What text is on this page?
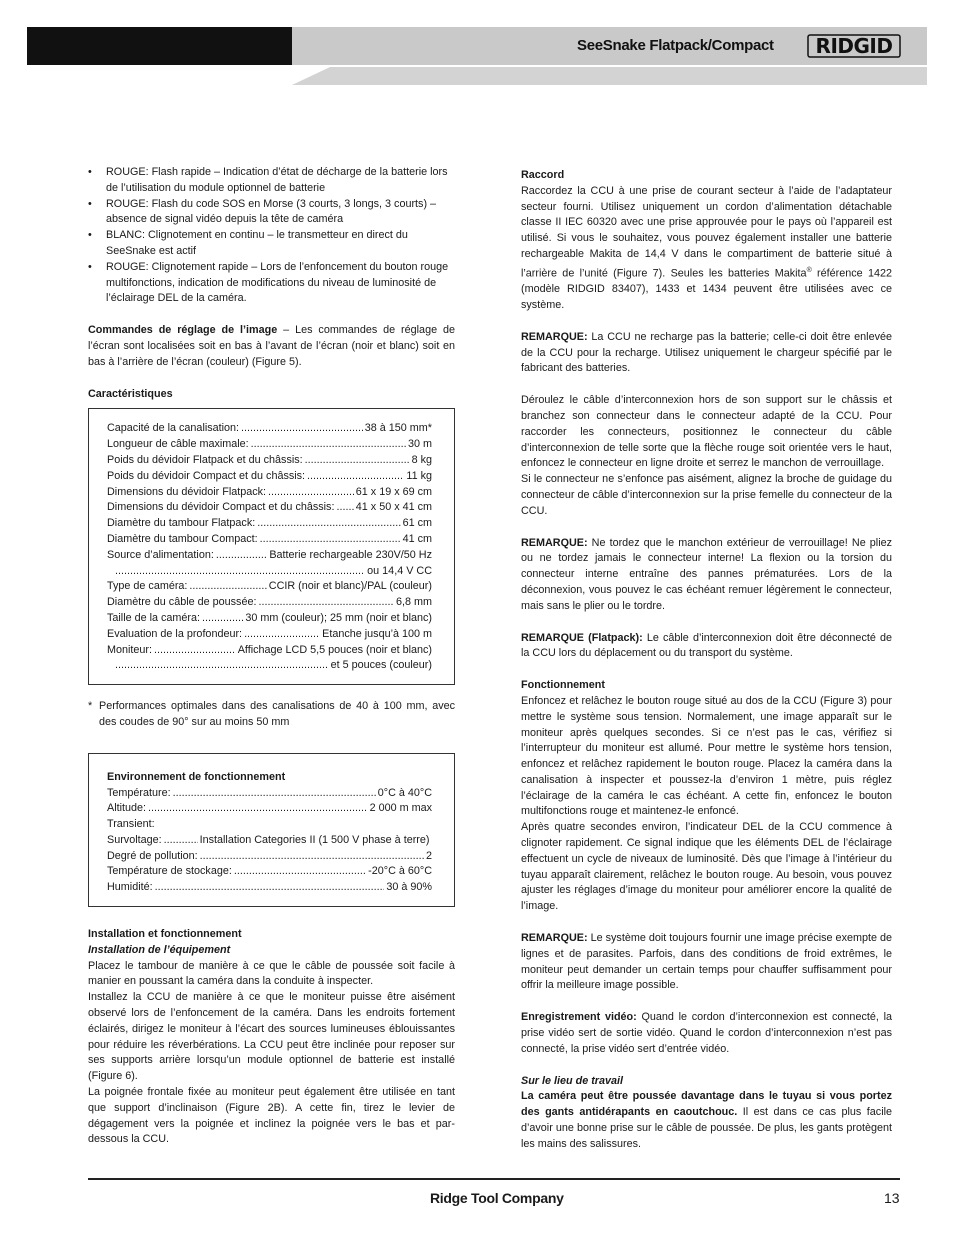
SeeSnake Flatpack/Compact RIDGID
• ROUGE: Flash rapide – Indication d’état de décharge de la batterie lors de l’utilisation du module optionnel de batterie
• ROUGE: Flash du code SOS en Morse (3 courts, 3 longs, 3 courts) – absence de signal vidéo depuis la tête de caméra
• BLANC: Clignotement en continu – le transmetteur en direct du SeeSnake est actif
• ROUGE: Clignotement rapide – Lors de l’enfoncement du bouton rouge multifonctions, indication de modifications du niveau de luminosité de l’éclairage DEL de la caméra.

Commandes de réglage de l’image – Les commandes de réglage de l’écran sont localisées soit en bas à l’avant de l’écran (noir et blanc) soit en bas à l’arrière de l’écran (couleur) (Figure 5).

Caractéristiques

Capacité de la canalisation: .....	38 à 150 mm*
Longueur de câble maximale: .....	30 m
Poids du dévidoir Flatpack et du châssis: .....	8 kg
Poids du dévidoir Compact et du châssis: .....	11 kg
Dimensions du dévidoir Flatpack: .....	61 x 19 x 69 cm
Dimensions du dévidoir Compact et du châssis: ..... 41 x 50 x 41 cm
Diamètre du tambour Flatpack: .....	61 cm
Diamètre du tambour Compact: .....	41 cm
Source d’alimentation: .....	Batterie rechargeable 230V/50 Hz
.....
ou 14,4 V CC
Type de caméra: .....	CCIR (noir et blanc)/PAL (couleur)
Diamètre du câble de poussée: .....	6,8 mm
Taille de la caméra: .....	30 mm (couleur); 25 mm (noir et blanc)
Evaluation de la profondeur: .....	Etanche jusqu’à 100 m
Moniteur: .....	Affichage LCD 5,5 pouces (noir et blanc)
.....
et 5 pouces (couleur)

* Performances optimales dans des canalisations de 40 à 100 mm, avec des coudes de 90° sur au moins 50 mm

Environnement de fonctionnement
Température: .....	0°C à 40°C
Altitude: .....	2 000 m max
Transient:
Survoltage: .....	Installation Categories II (1 500 V phase à terre)
Degré de pollution: .....	2
Température de stockage: .....	-20°C à 60°C
Humidité: .....	30 à 90%

Installation et fonctionnement

Installation de l’équipement

Placez le tambour de manière à ce que le câble de poussée soit facile à manier en poussant la caméra dans la conduite à inspecter.

Installez la CCU de manière à ce que le moniteur puisse être aisément observé lors de l’enfoncement de la caméra. Dans les endroits fortement éclairés, dirigez le moniteur à l’écart des sources lumineuses éblouissantes pour réduire les réverbérations. La CCU peut être inclinée pour reposer sur ses supports arrière lorsqu’un module optionnel de batterie est installé (Figure 6).

La poignée frontale fixée au moniteur peut également être utilisée en tant que support d’inclinaison (Figure 2B). A cette fin, tirez le levier de dégagement vers la poignée et inclinez la poignée vers le bas et par-dessous la CCU.

Raccord

Raccordez la CCU à une prise de courant secteur à l’aide de l’adaptateur secteur fourni. Utilisez uniquement un cordon d’alimentation détachable classe II IEC 60320 avec une prise approuvée pour le pays où l’appareil est utilisé. Si vous le souhaitez, vous pouvez également installer une batterie rechargeable Makita de 14,4 V dans le compartiment de batterie situé à l’arrière de l’unité (Figure 7). Seules les batteries Makita® référence 1422 (modèle RIDGID 83407), 1433 et 1434 peuvent être utilisées avec ce système.

REMARQUE: La CCU ne recharge pas la batterie; celle-ci doit être enlevée de la CCU pour la recharge. Utilisez uniquement le chargeur spécifié par le fabricant des batteries.

Déroulez le câble d’interconnexion hors de son support sur le châssis et branchez son connecteur dans le connecteur adapté de la CCU. Pour raccorder les connecteurs, positionnez le connecteur du câble d’interconnexion de telle sorte que la flèche rouge soit orientée vers le haut, enfoncez le connecteur en ligne droite et serrez le manchon de verrouillage.

Si le connecteur ne s’enfonce pas aisément, alignez la broche de guidage du connecteur de câble d’interconnexion sur la prise femelle du connecteur de la CCU.

REMARQUE: Ne tordez que le manchon extérieur de verrouillage! Ne pliez ou ne tordez jamais le connecteur interne! La flexion ou la torsion du connecteur interne entraîne des pannes prématurées. Lors de la déconnexion, vous pouvez le cas échéant remuer légèrement le connecteur, mais sans le plier ou le tordre.

REMARQUE (Flatpack): Le câble d’interconnexion doit être déconnecté de la CCU lors du déplacement ou du transport du système.

Fonctionnement

Enfoncez et relâchez le bouton rouge situé au dos de la CCU (Figure 3) pour mettre le système sous tension. Normalement, une image apparaît sur le moniteur après quelques secondes. Si ce n’est pas le cas, vérifiez si l’interrupteur du moniteur est allumé. Pour mettre le système hors tension, enfoncez et relâchez rapidement le bouton rouge. Placez la caméra dans la canalisation à inspecter et poussez-la d’environ 1 mètre, puis réglez l’éclairage de la caméra le cas échéant. A cette fin, enfoncez le bouton multifonctions rouge et maintenez-le enfoncé.

Après quatre secondes environ, l’indicateur DEL de la CCU commence à clignoter rapidement. Ce signal indique que les éléments DEL de l’éclairage effectuent un cycle de niveaux de luminosité. Dès que l’image à l’intérieur du tuyau apparaît clairement, relâchez le bouton rouge. Au besoin, vous pouvez ajuster les réglages d’image du moniteur pour améliorer encore la qualité de l’image.

REMARQUE: Le système doit toujours fournir une image précise exempte de lignes et de parasites. Parfois, dans des conditions de froid extrêmes, le moniteur peut demander un certain temps pour chauffer suffisamment pour offrir la meilleure image possible.

Enregistrement vidéo: Quand le cordon d’interconnexion est connecté, la prise vidéo sert de sortie vidéo. Quand le cordon d’interconnexion n’est pas connecté, la prise vidéo sert d’entrée vidéo.

Sur le lieu de travail

La caméra peut être poussée davantage dans le tuyau si vous portez des gants antidérapants en caoutchouc. Il est dans ce cas plus facile d’avoir une bonne prise sur le câble de poussée. De plus, les gants protègent les mains des salissures.

Ridge Tool Company	13
